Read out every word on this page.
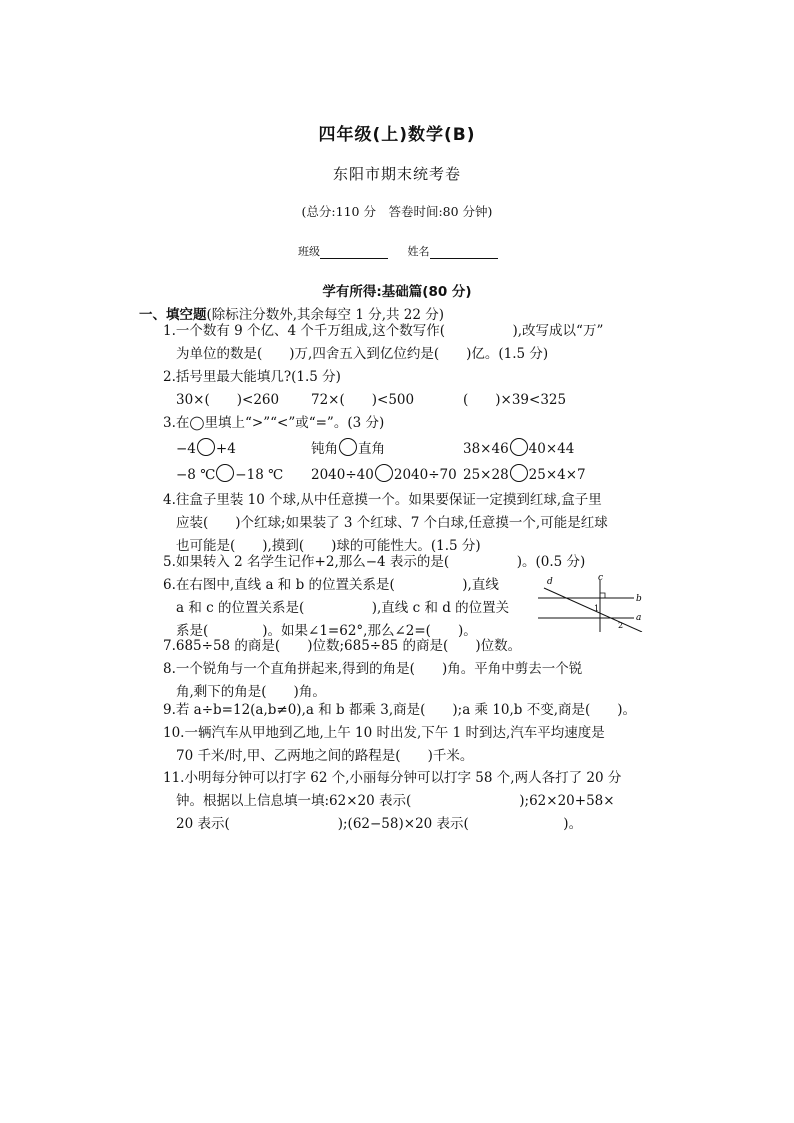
四年级(上)数学(B)
东阳市期末统考卷
(总分:110 分　答卷时间:80 分钟)
班级	姓名
学有所得:基础篇(80 分)
一、填空题(除标注分数外,其余每空 1 分,共 22 分)
1.一个数有 9 个亿、4 个千万组成,这个数写作(　　　　　),改写成以“万”
为单位的数是(　　)万,四舍五入到亿位约是(　　)亿。(1.5 分)
2.括号里最大能填几?(1.5 分)
30×(　　)<260 72×(　　)<500	(　　)×39<325
3.在◯里填上“>”“<”或“=”。(3 分)
−4 +4	钝角 直角	38×46 40×44
−8 ℃ −18 ℃ 2040÷40 2040÷70 25×28 25×4×7
4.往盒子里装 10 个球,从中任意摸一个。如果要保证一定摸到红球,盒子里
应装(　　)个红球;如果装了 3 个红球、7 个白球,任意摸一个,可能是红球
也可能是(　　),摸到(　　)球的可能性大。(1.5 分)
5.如果转入 2 名学生记作+2,那么−4 表示的是(　　　　　)。(0.5 分)
6.在右图中,直线 a 和 b 的位置关系是(　　　　　),直线
a 和 c 的位置关系是(　　　　　),直线 c 和 d 的位置关
系是(　　　　)。如果∠1=62°,那么∠2=(　　)。
d	c
b
a
1
2
7.685÷58 的商是(　　)位数;685÷85 的商是(　　)位数。
8.一个锐角与一个直角拼起来,得到的角是(　　)角。平角中剪去一个锐
角,剩下的角是(　　)角。
9.若 a÷b=12(a,b≠0),a 和 b 都乘 3,商是(　　);a 乘 10,b 不变,商是(　　)。
10.一辆汽车从甲地到乙地,上午 10 时出发,下午 1 时到达,汽车平均速度是
70 千米/时,甲、乙两地之间的路程是(　　)千米。
11.小明每分钟可以打字 62 个,小丽每分钟可以打字 58 个,两人各打了 20 分
钟。根据以上信息填一填:62×20 表示(　　　　　　　　);62×20+58×
20 表示(　　　　　　　　);(62−58)×20 表示(　　　　　　　)。
